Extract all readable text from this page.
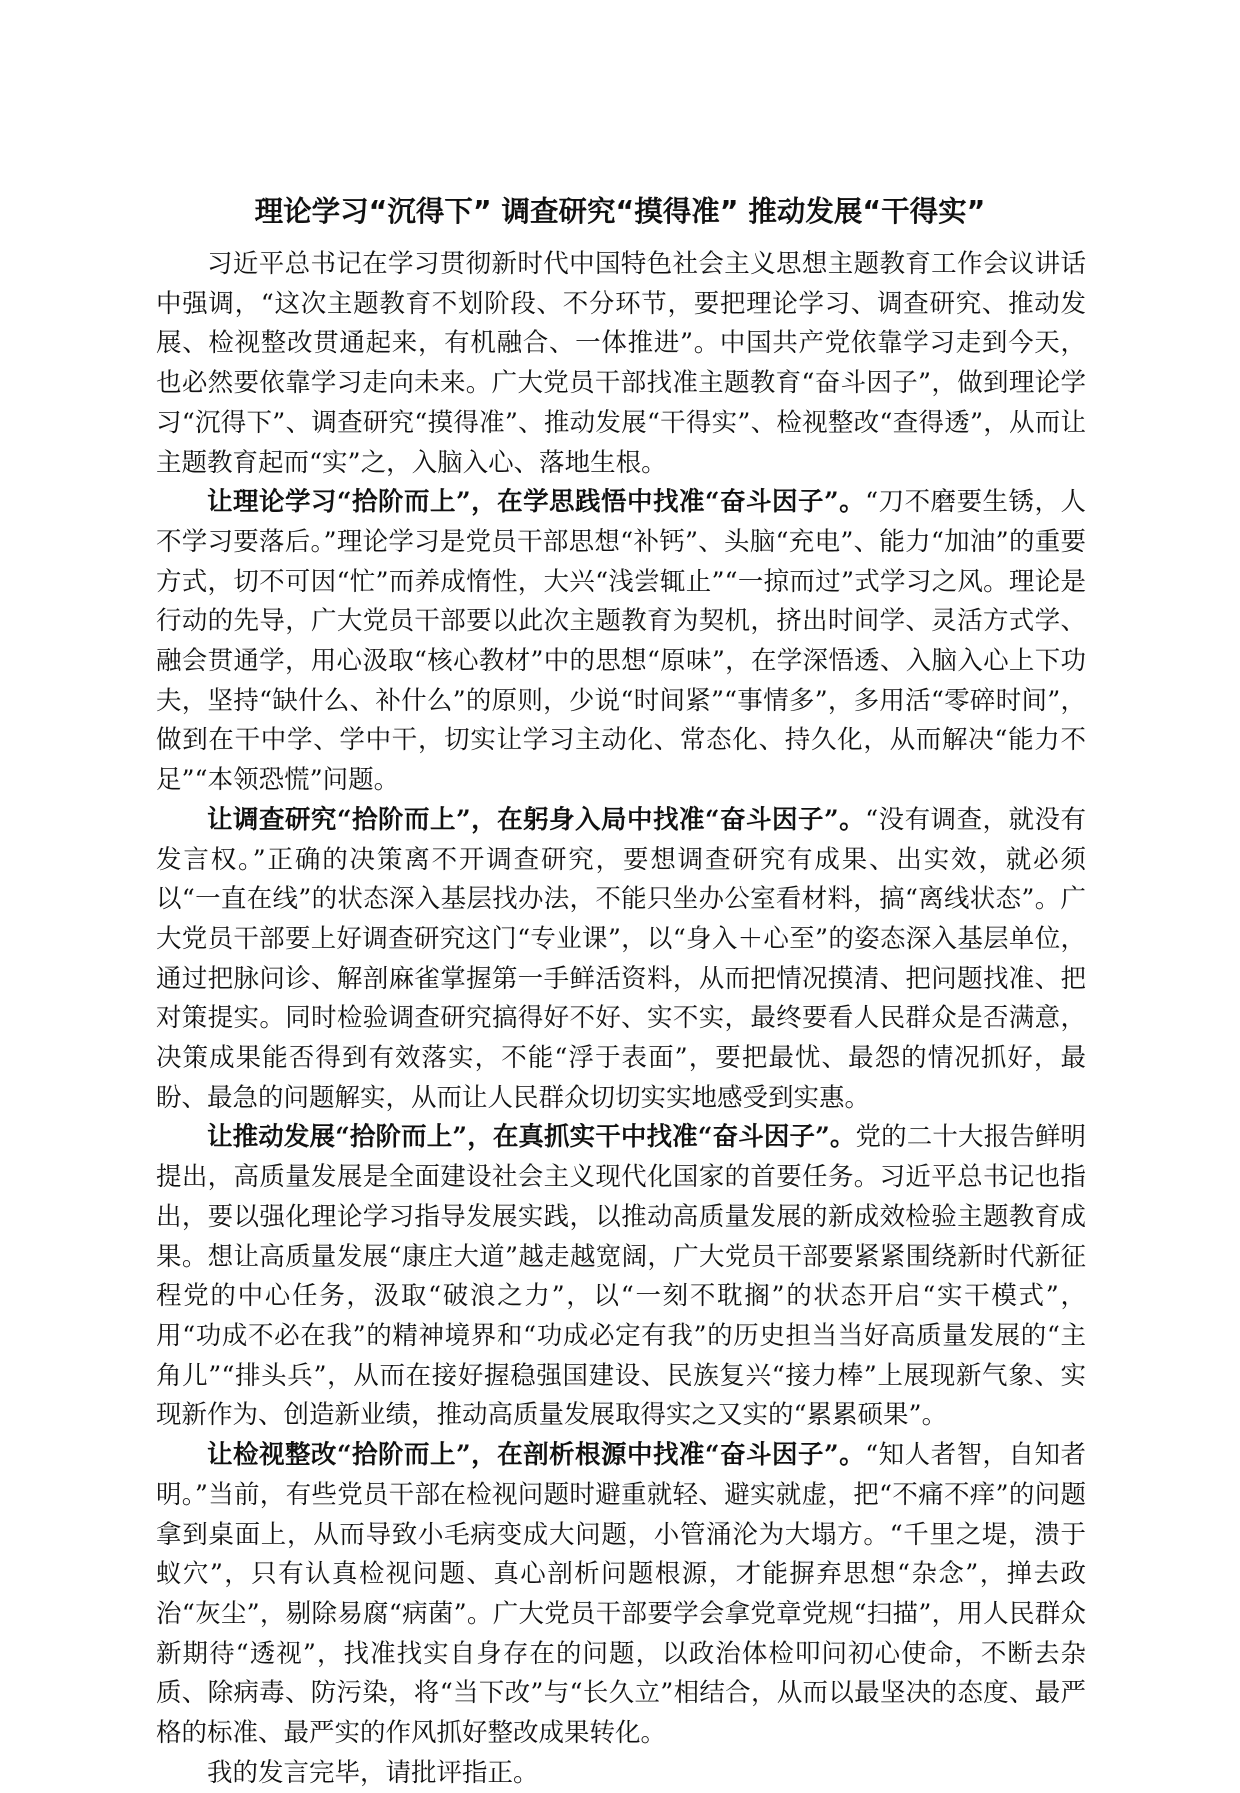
理论学习“沉得下” 调查研究“摸得准” 推动发展“干得实”

习近平总书记在学习贯彻新时代中国特色社会主义思想主题教育工作会议讲话中强调，“这次主题教育不划阶段、不分环节，要把理论学习、调查研究、推动发展、检视整改贯通起来，有机融合、一体推进”。中国共产党依靠学习走到今天，也必然要依靠学习走向未来。广大党员干部找准主题教育“奋斗因子”，做到理论学习“沉得下”、调查研究“摸得准”、推动发展“干得实”、检视整改“查得透”，从而让主题教育起而“实”之，入脑入心、落地生根。

让理论学习“拾阶而上”，在学思践悟中找准“奋斗因子”。“刀不磨要生锈，人不学习要落后。”理论学习是党员干部思想“补钙”、头脑“充电”、能力“加油”的重要方式，切不可因“忙”而养成惰性，大兴“浅尝辄止”“一掠而过”式学习之风。理论是行动的先导，广大党员干部要以此次主题教育为契机，挤出时间学、灵活方式学、融会贯通学，用心汲取“核心教材”中的思想“原味”，在学深悟透、入脑入心上下功夫，坚持“缺什么、补什么”的原则，少说“时间紧”“事情多”，多用活“零碎时间”，做到在干中学、学中干，切实让学习主动化、常态化、持久化，从而解决“能力不足”“本领恐慌”问题。

让调查研究“拾阶而上”，在躬身入局中找准“奋斗因子”。“没有调查，就没有发言权。”正确的决策离不开调查研究，要想调查研究有成果、出实效，就必须以“一直在线”的状态深入基层找办法，不能只坐办公室看材料，搞“离线状态”。广大党员干部要上好调查研究这门“专业课”，以“身入＋心至”的姿态深入基层单位，通过把脉问诊、解剖麻雀掌握第一手鲜活资料，从而把情况摸清、把问题找准、把对策提实。同时检验调查研究搞得好不好、实不实，最终要看人民群众是否满意，决策成果能否得到有效落实，不能“浮于表面”，要把最忧、最怨的情况抓好，最盼、最急的问题解实，从而让人民群众切切实实地感受到实惠。

让推动发展“拾阶而上”，在真抓实干中找准“奋斗因子”。党的二十大报告鲜明提出，高质量发展是全面建设社会主义现代化国家的首要任务。习近平总书记也指出，要以强化理论学习指导发展实践，以推动高质量发展的新成效检验主题教育成果。想让高质量发展“康庄大道”越走越宽阔，广大党员干部要紧紧围绕新时代新征程党的中心任务，汲取“破浪之力”，以“一刻不耽搁”的状态开启“实干模式”，用“功成不必在我”的精神境界和“功成必定有我”的历史担当当好高质量发展的“主角儿”“排头兵”，从而在接好握稳强国建设、民族复兴“接力棒”上展现新气象、实现新作为、创造新业绩，推动高质量发展取得实之又实的“累累硕果”。

让检视整改“拾阶而上”，在剖析根源中找准“奋斗因子”。“知人者智，自知者明。”当前，有些党员干部在检视问题时避重就轻、避实就虚，把“不痛不痒”的问题拿到桌面上，从而导致小毛病变成大问题，小管涌沦为大塌方。“千里之堤，溃于蚁穴”，只有认真检视问题、真心剖析问题根源，才能摒弃思想“杂念”，掸去政治“灰尘”，剔除易腐“病菌”。广大党员干部要学会拿党章党规“扫描”，用人民群众新期待“透视”，找准找实自身存在的问题，以政治体检叩问初心使命，不断去杂质、除病毒、防污染，将“当下改”与“长久立”相结合，从而以最坚决的态度、最严格的标准、最严实的作风抓好整改成果转化。

我的发言完毕，请批评指正。
